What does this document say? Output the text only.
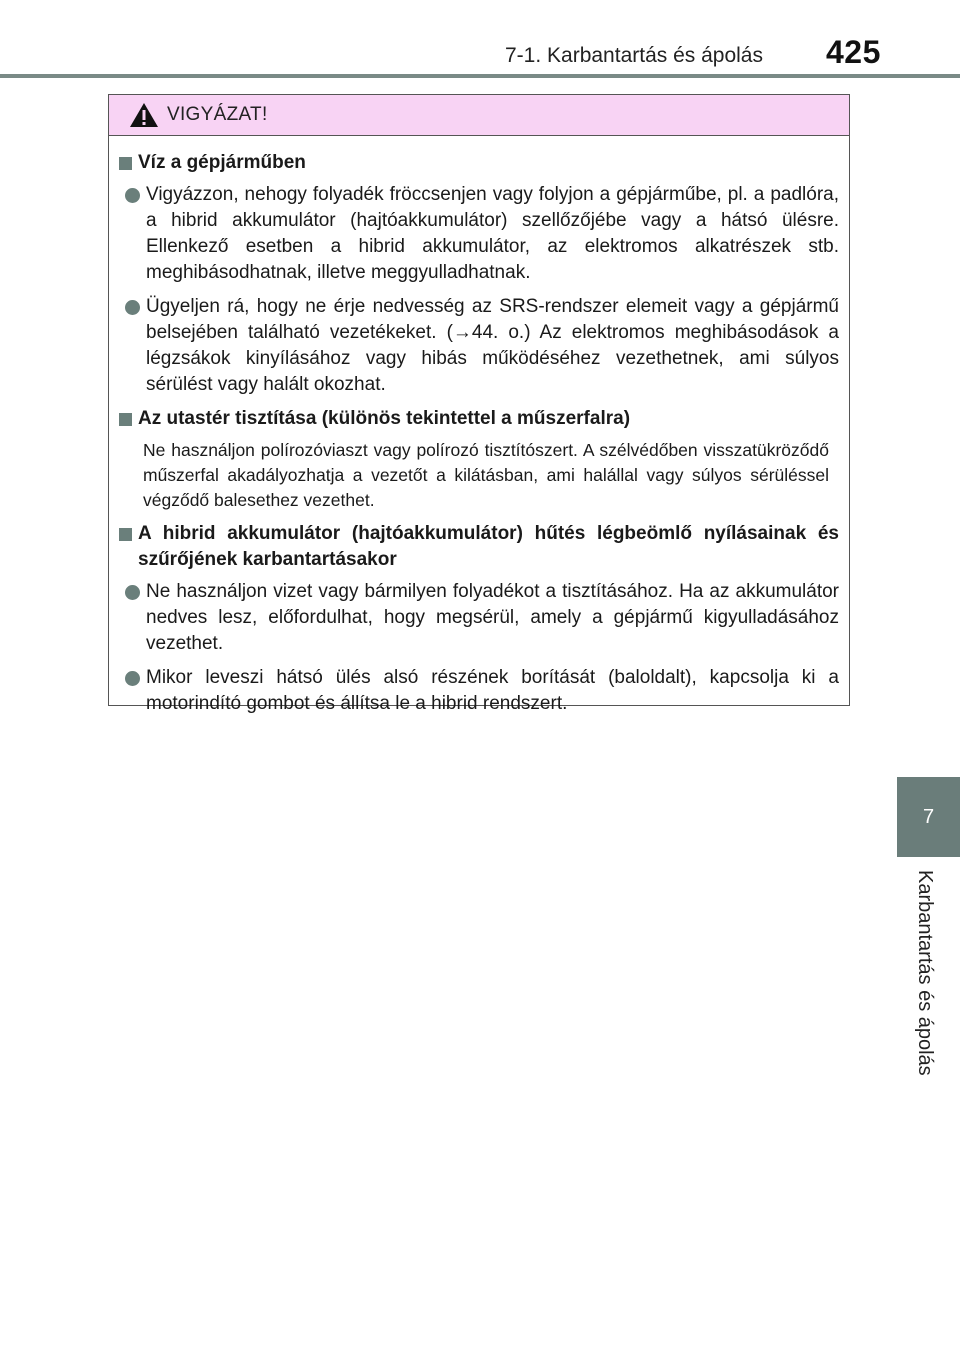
7-1. Karbantartás és ápolás 425
VIGYÁZAT!
Víz a gépjárműben
Vigyázzon, nehogy folyadék fröccsenjen vagy folyjon a gépjárműbe, pl. a padlóra, a hibrid akkumulátor (hajtóakkumulátor) szellőzőjébe vagy a hátsó ülésre. Ellenkező esetben a hibrid akkumulátor, az elektromos alkatrészek stb. meghibásodhatnak, illetve meggyulladhatnak.
Ügyeljen rá, hogy ne érje nedvesség az SRS-rendszer elemeit vagy a gépjármű belsejében található vezetékeket. (→44. o.) Az elektromos meghibásodások a légzsákok kinyílásához vagy hibás működéséhez vezethetnek, ami súlyos sérülést vagy halált okozhat.
Az utastér tisztítása (különös tekintettel a műszerfalra)
Ne használjon polírozóviaszt vagy polírozó tisztítószert. A szélvédőben visszatükröződő műszerfal akadályozhatja a vezetőt a kilátásban, ami halállal vagy súlyos sérüléssel végződő balesethez vezethet.
A hibrid akkumulátor (hajtóakkumulátor) hűtés légbeömlő nyílásainak és szűrőjének karbantartásakor
Ne használjon vizet vagy bármilyen folyadékot a tisztításához. Ha az akkumulátor nedves lesz, előfordulhat, hogy megsérül, amely a gépjármű kigyulladásához vezethet.
Mikor leveszi hátsó ülés alsó részének borítását (baloldalt), kapcsolja ki a motorindító gombot és állítsa le a hibrid rendszert.
7
Karbantartás és ápolás
